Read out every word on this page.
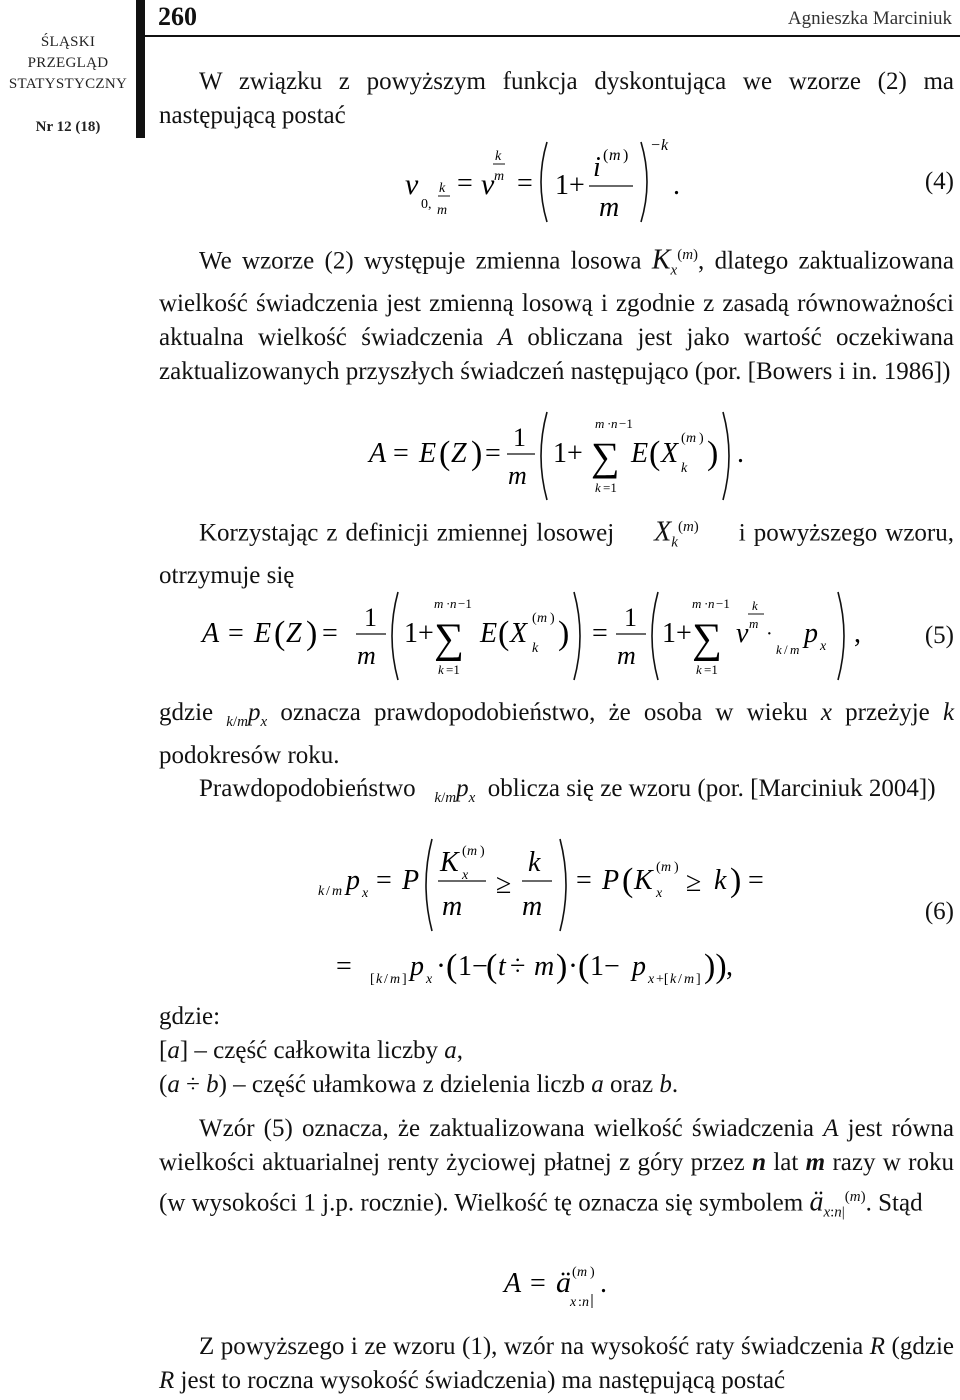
ŚLĄSKI
PRZEGLĄD
STATYSTYCZNY
Nr 12 (18)
260	Agnieszka Marciniuk
W związku z powyższym funkcja dyskontująca we wzorze (2) ma następującą postać
v
0,
k
m
= v
k
m = 1+
i ( m )
m
− k
.	(4)
We wzorze (2) występuje zmienna losowa $K_x^{(m)}$, dlatego zaktualizowana wielkość świadczenia jest zmienną losową i zgodnie z zasadą równoważności aktualna wielkość świadczenia A obliczana jest jako wartość oczekiwana zaktualizowanych przyszłych świadczeń następująco (por. [Bowers i in. 1986])
A = E ( Z ) =
1
m
1+
m · n −1
∑
k =1
E ( X ( m )
k ) .
Korzystając z definicji zmiennej losowej $X_k^{(m)}$ i powyższego wzoru, otrzymuje się
A = E ( Z ) =
1
m
1+
m · n −1
∑
k =1
E ( X ( m )
k ) =
1
m
1+
m · n −1
∑
k =1
v
k
m ·
k / m
p x ,	(5)
gdzie $_{k/m}p_x$ oznacza prawdopodobieństwo, że osoba w wieku x przeżyje k podokresów roku.
Prawdopodobieństwo $_{k/m}p_x$ oblicza się ze wzoru (por. [Marciniuk 2004])
k / m p x = P
K ( m )
x
m
≥
k
m
= P ( K ( m )
x ≥ k ) =
= [ k / m ] p x · ( 1−
( t ÷ m ) · ( 1− p x +[ k / m ] )) ,
(6)
gdzie:
[a] – część całkowita liczby a,
(a ÷ b) – część ułamkowa z dzielenia liczb a oraz b.
Wzór (5) oznacza, że zaktualizowana wielkość świadczenia A jest równa wielkości aktuarialnej renty życiowej płatnej z góry przez n lat m razy w roku (w wysokości 1 j.p. rocznie). Wielkość tę oznacza się symbolem $ä_{x:n|}^{(m)}$. Stąd
A = ä ( m )
x : n
.
Z powyższego i ze wzoru (1), wzór na wysokość raty świadczenia R (gdzie R jest to roczna wysokość świadczenia) ma następującą postać
